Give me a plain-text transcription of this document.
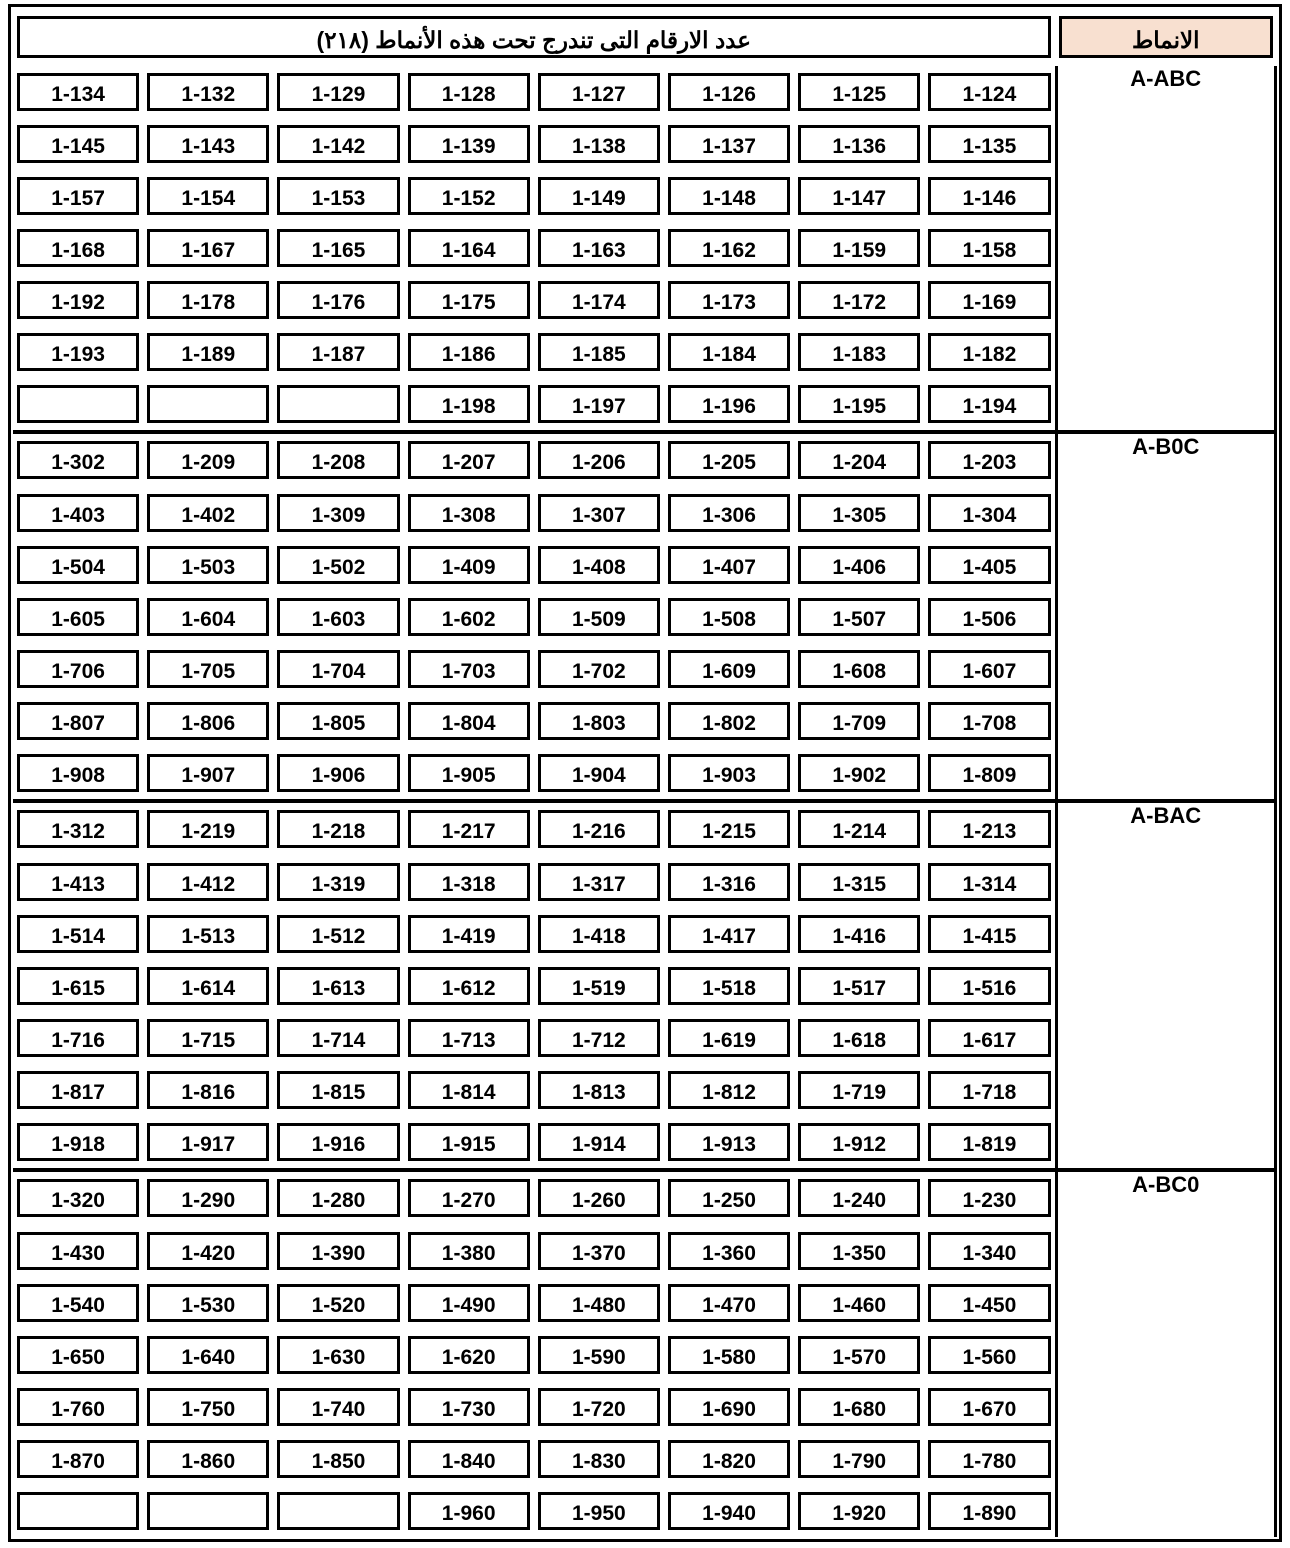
عدد الارقام التى تندرج تحت هذه الأنماط (٢١٨)								الانماط

1-134	1-132	1-129	1-128	1-127	1-126	1-125	1-124	A-ABC

1-145	1-143	1-142	1-139	1-138	1-137	1-136	1-135	

1-157	1-154	1-153	1-152	1-149	1-148	1-147	1-146	

1-168	1-167	1-165	1-164	1-163	1-162	1-159	1-158	

1-192	1-178	1-176	1-175	1-174	1-173	1-172	1-169	

1-193	1-189	1-187	1-186	1-185	1-184	1-183	1-182	

			1-198	1-197	1-196	1-195	1-194	

1-302	1-209	1-208	1-207	1-206	1-205	1-204	1-203	A-B0C

1-403	1-402	1-309	1-308	1-307	1-306	1-305	1-304	

1-504	1-503	1-502	1-409	1-408	1-407	1-406	1-405	

1-605	1-604	1-603	1-602	1-509	1-508	1-507	1-506	

1-706	1-705	1-704	1-703	1-702	1-609	1-608	1-607	

1-807	1-806	1-805	1-804	1-803	1-802	1-709	1-708	

1-908	1-907	1-906	1-905	1-904	1-903	1-902	1-809	

1-312	1-219	1-218	1-217	1-216	1-215	1-214	1-213	A-BAC

1-413	1-412	1-319	1-318	1-317	1-316	1-315	1-314	

1-514	1-513	1-512	1-419	1-418	1-417	1-416	1-415	

1-615	1-614	1-613	1-612	1-519	1-518	1-517	1-516	

1-716	1-715	1-714	1-713	1-712	1-619	1-618	1-617	

1-817	1-816	1-815	1-814	1-813	1-812	1-719	1-718	

1-918	1-917	1-916	1-915	1-914	1-913	1-912	1-819	

1-320	1-290	1-280	1-270	1-260	1-250	1-240	1-230	A-BC0

1-430	1-420	1-390	1-380	1-370	1-360	1-350	1-340	

1-540	1-530	1-520	1-490	1-480	1-470	1-460	1-450	

1-650	1-640	1-630	1-620	1-590	1-580	1-570	1-560	

1-760	1-750	1-740	1-730	1-720	1-690	1-680	1-670	

1-870	1-860	1-850	1-840	1-830	1-820	1-790	1-780	

			1-960	1-950	1-940	1-920	1-890	
